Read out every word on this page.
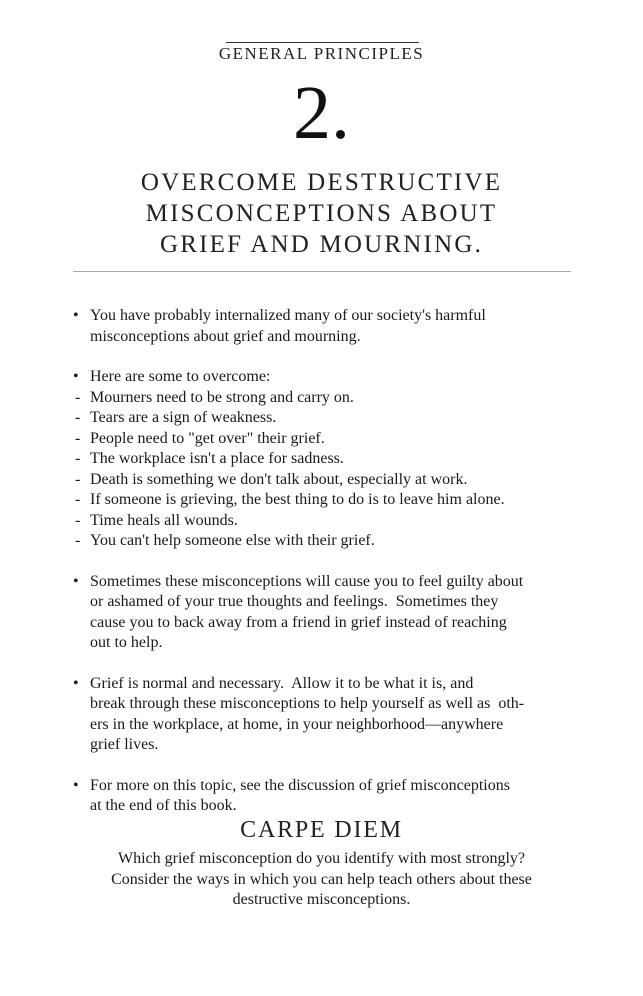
GENERAL PRINCIPLES
2.
OVERCOME DESTRUCTIVE
MISCONCEPTIONS ABOUT
GRIEF AND MOURNING.
• You have probably internalized many of our society's harmful
misconceptions about grief and mourning.
• Here are some to overcome:
- Mourners need to be strong and carry on.
- Tears are a sign of weakness.
- People need to "get over" their grief.
- The workplace isn't a place for sadness.
- Death is something we don't talk about, especially at work.
- If someone is grieving, the best thing to do is to leave him alone.
- Time heals all wounds.
- You can't help someone else with their grief.
• Sometimes these misconceptions will cause you to feel guilty about
or ashamed of your true thoughts and feelings.  Sometimes they
cause you to back away from a friend in grief instead of reaching
out to help.
• Grief is normal and necessary.  Allow it to be what it is, and
break through these misconceptions to help yourself as well as  oth-
ers in the workplace, at home, in your neighborhood—anywhere
grief lives.
• For more on this topic, see the discussion of grief misconceptions
at the end of this book.
CARPE DIEM
Which grief misconception do you identify with most strongly?
Consider the ways in which you can help teach others about these
destructive misconceptions.
